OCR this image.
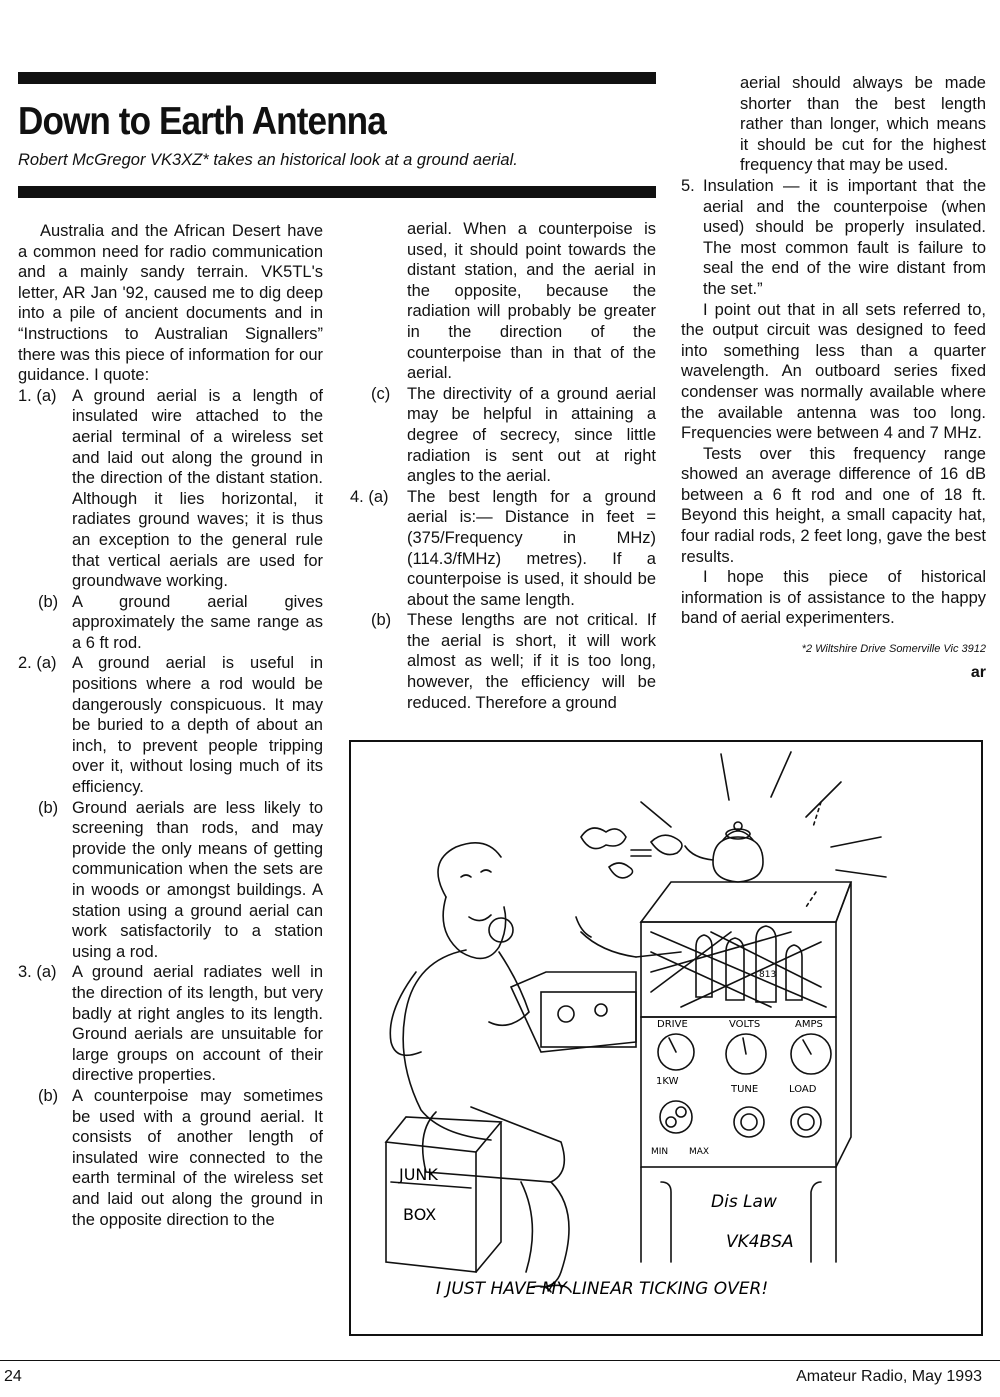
Down to Earth Antenna

Robert McGregor VK3XZ* takes an historical look at a ground aerial.

Australia and the African Desert have a common need for radio communication and a mainly sandy terrain. VK5TL's letter, AR Jan '92, caused me to dig deep into a pile of ancient documents and in “Instructions to Australian Signallers” there was this piece of information for our guidance. I quote:

1. (a) A ground aerial is a length of insulated wire attached to the aerial terminal of a wireless set and laid out along the ground in the direction of the distant station. Although it lies horizontal, it radiates ground waves; it is thus an exception to the general rule that vertical aerials are used for groundwave working.
(b) A ground aerial gives approximately the same range as a 6 ft rod.
2. (a) A ground aerial is useful in positions where a rod would be dangerously conspicuous. It may be buried to a depth of about an inch, to prevent people tripping over it, without losing much of its efficiency.
(b) Ground aerials are less likely to screening than rods, and may provide the only means of getting communication when the sets are in woods or amongst buildings. A station using a ground aerial can work satisfactorily to a station using a rod.
3. (a) A ground aerial radiates well in the direction of its length, but very badly at right angles to its length. Ground aerials are unsuitable for large groups on account of their directive properties.
(b) A counterpoise may sometimes be used with a ground aerial. It consists of another length of insulated wire connected to the earth terminal of the wireless set and laid out along the ground in the opposite direction to the

aerial. When a counterpoise is used, it should point towards the distant station, and the aerial in the opposite, because the radiation will probably be greater in the direction of the counterpoise than in that of the aerial.

(c)	The directivity of a ground aerial may be helpful in attaining a degree of secrecy, since little radiation is sent out at right angles to the aerial.
4. (a)	The best length for a ground aerial is:— Distance in feet = (375/Frequency in MHz) (114.3/fMHz) metres). If a counterpoise is used, it should be about the same length.
(b) These lengths are not critical. If the aerial is short, it will work almost as well; if it is too long, however, the efficiency will be reduced. Therefore a ground

aerial should always be made shorter than the best length rather than longer, which means it should be cut for the highest frequency that may be used.

5. Insulation — it is important that the aerial and the counterpoise (when used) should be properly insulated. The most common fault is failure to seal the end of the wire distant from the set.”

I point out that in all sets referred to, the output circuit was designed to feed into something less than a quarter wavelength. An outboard series fixed condenser was normally available where the available antenna was too long. Frequencies were between 4 and 7 MHz.

Tests over this frequency range showed an average difference of 16 dB between a 6 ft rod and one of 18 ft. Beyond this height, a small capacity hat, four radial rods, 2 feet long, gave the best results.

I hope this piece of historical information is of assistance to the happy band of aerial experimenters.

*2 Wiltshire Drive Somerville Vic 3912
ar
JUNK
BOX
DRIVE	VOLTS	AMPS
1KW
TUNE	LOAD
MIN MAX
813
Dis Law
VK4BSA
I JUST HAVE MY LINEAR TICKING OVER!
24	Amateur Radio, May 1993
